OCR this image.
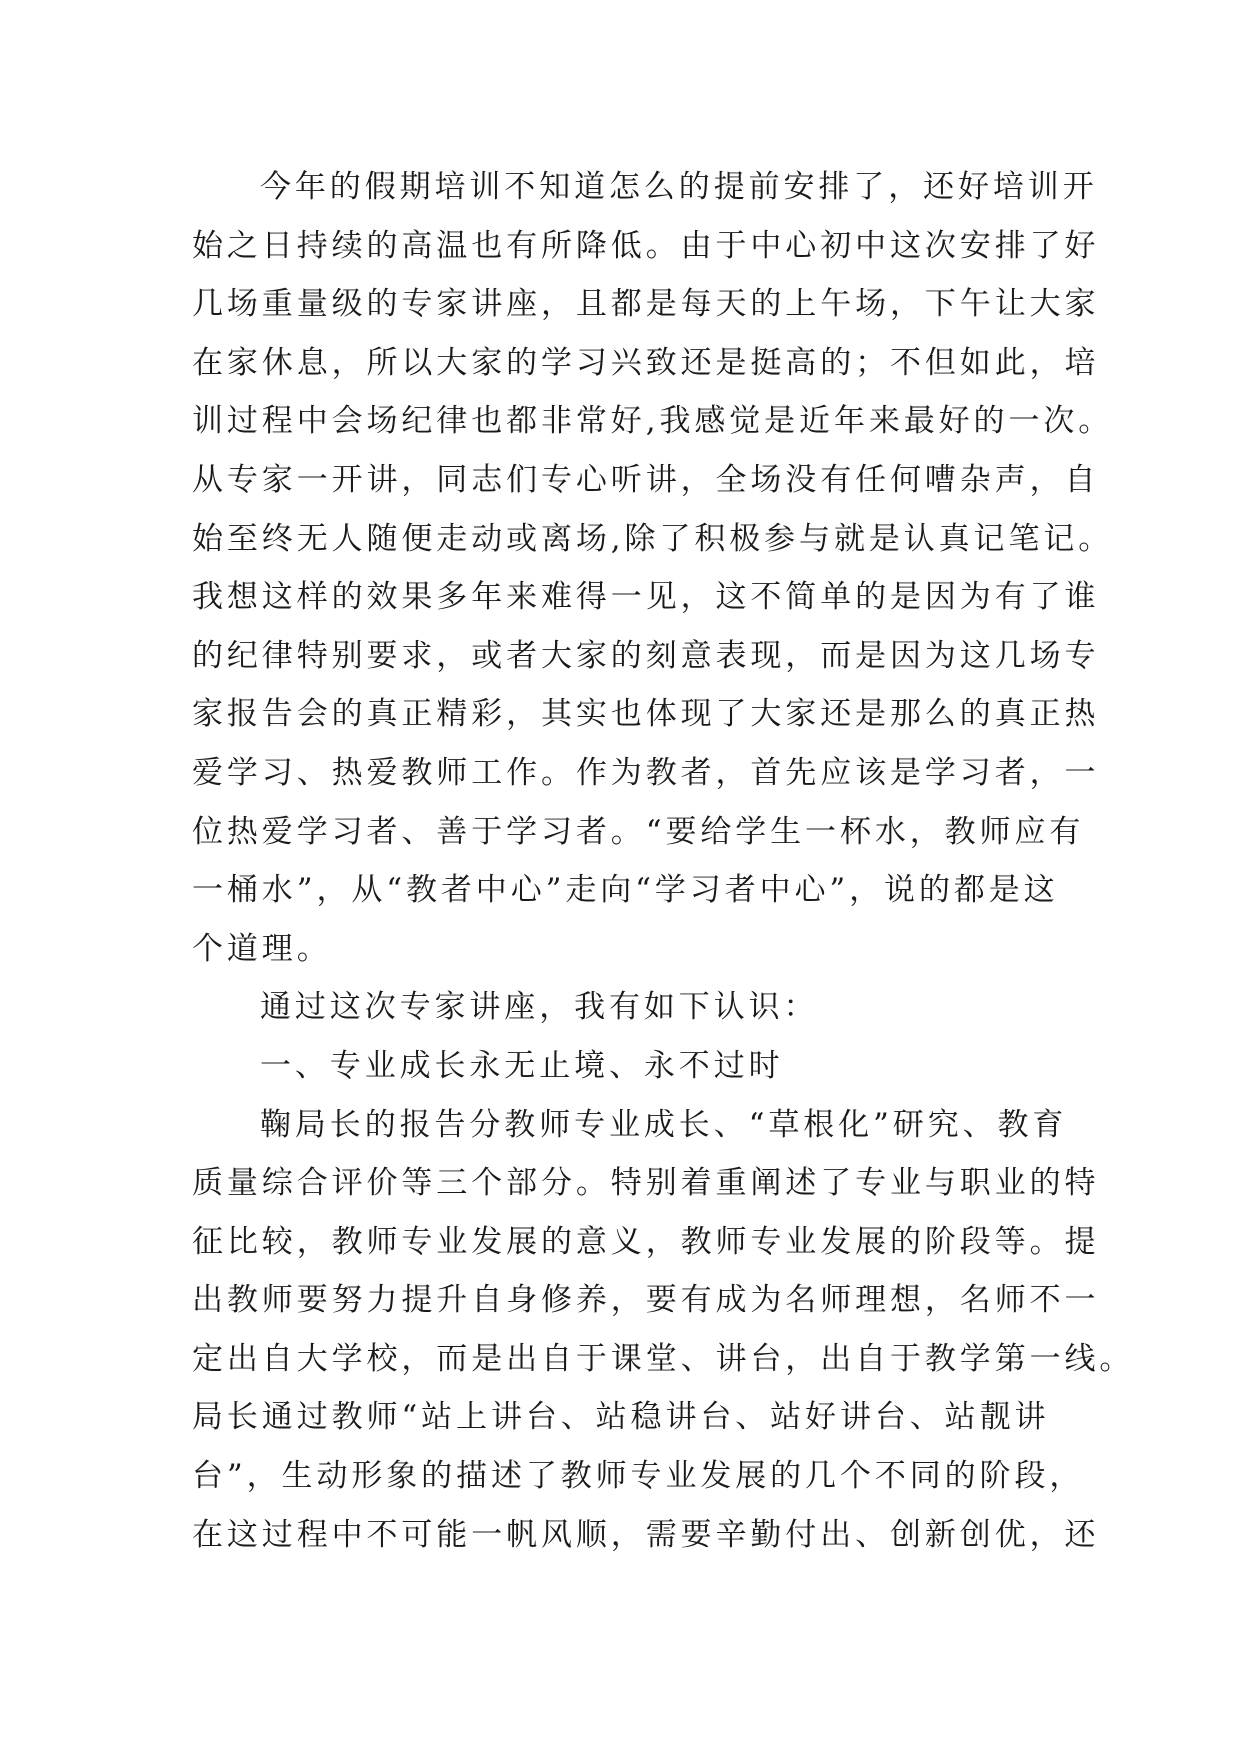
今年的假期培训不知道怎么的提前安排了，还好培训开
始之日持续的高温也有所降低。由于中心初中这次安排了好
几场重量级的专家讲座，且都是每天的上午场，下午让大家
在家休息，所以大家的学习兴致还是挺高的；不但如此，培
训过程中会场纪律也都非常好,我感觉是近年来最好的一次。
从专家一开讲，同志们专心听讲，全场没有任何嘈杂声，自
始至终无人随便走动或离场,除了积极参与就是认真记笔记。
我想这样的效果多年来难得一见，这不简单的是因为有了谁
的纪律特别要求，或者大家的刻意表现，而是因为这几场专
家报告会的真正精彩，其实也体现了大家还是那么的真正热
爱学习、热爱教师工作。作为教者，首先应该是学习者，一
位热爱学习者、善于学习者。“要给学生一杯水，教师应有
一桶水”，从“教者中心”走向“学习者中心”，说的都是这
个道理。
通过这次专家讲座，我有如下认识：
一、专业成长永无止境、永不过时
鞠局长的报告分教师专业成长、“草根化”研究、教育
质量综合评价等三个部分。特别着重阐述了专业与职业的特
征比较，教师专业发展的意义，教师专业发展的阶段等。提
出教师要努力提升自身修养，要有成为名师理想，名师不一
定出自大学校，而是出自于课堂、讲台，出自于教学第一线。
局长通过教师“站上讲台、站稳讲台、站好讲台、站靓讲
台”，生动形象的描述了教师专业发展的几个不同的阶段，
在这过程中不可能一帆风顺，需要辛勤付出、创新创优，还
